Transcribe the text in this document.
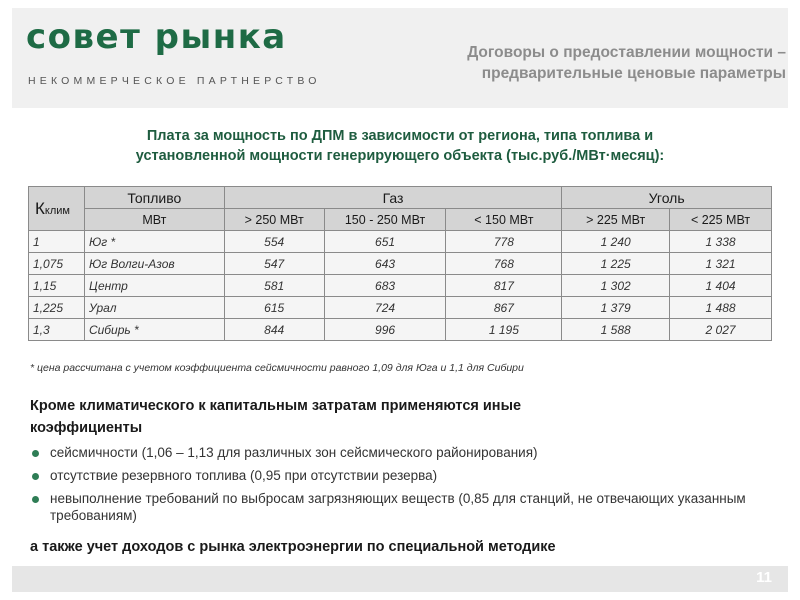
совет рынка
НЕКОММЕРЧЕСКОЕ ПАРТНЕРСТВО
Договоры о предоставлении мощности –
предварительные ценовые параметры
Плата за мощность по ДПМ в зависимости от региона, типа топлива и
установленной мощности генерирующего объекта (тыс.руб./МВт·месяц):
Кклим	Топливо	Газ			Уголь	
	МВт	> 250 МВт	150 - 250 МВт	< 150 МВт	> 225 МВт	< 225 МВт
1	Юг *	554	651	778	1 240	1 338
1,075	Юг Волги-Азов	547	643	768	1 225	1 321
1,15	Центр	581	683	817	1 302	1 404
1,225	Урал	615	724	867	1 379	1 488
1,3	Сибирь *	844	996	1 195	1 588	2 027
* цена рассчитана с учетом коэффициента сейсмичности равного 1,09 для Юга и 1,1 для Сибири
Кроме климатического к капитальным затратам применяются иные
коэффициенты
сейсмичности (1,06 – 1,13 для различных зон сейсмического районирования)
отсутствие резервного топлива (0,95 при отсутствии резерва)
невыполнение требований по выбросам загрязняющих веществ (0,85 для станций, не отвечающих указанным требованиям)
а также учет доходов с рынка электроэнергии по специальной методике
11
